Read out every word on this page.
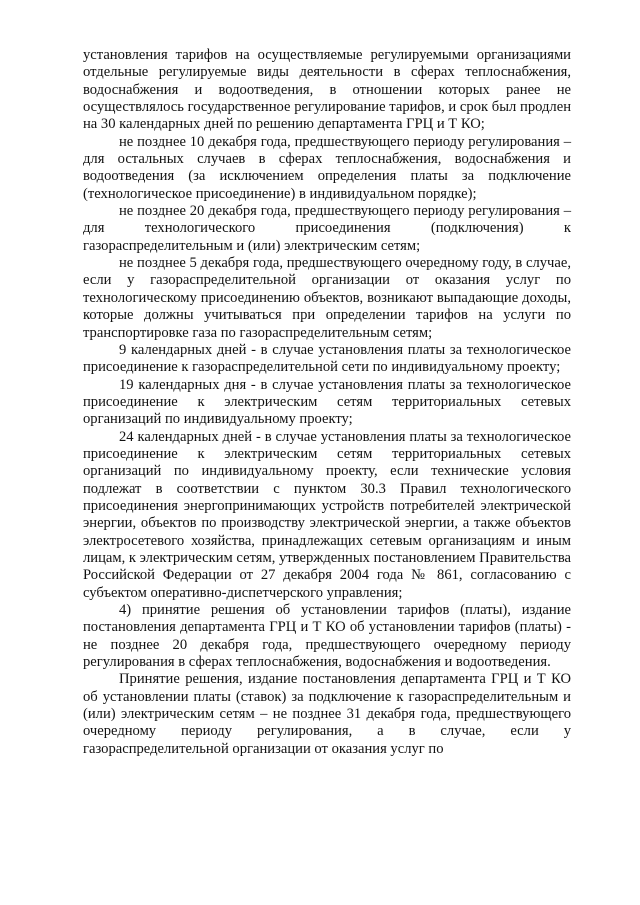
установления тарифов на осуществляемые регулируемыми организациями отдельные регулируемые виды деятельности в сферах теплоснабжения, водоснабжения и водоотведения, в отношении которых ранее не осуществлялось государственное регулирование тарифов, и срок был продлен на 30 календарных дней по решению департамента ГРЦ и Т КО;

не позднее 10 декабря года, предшествующего периоду регулирования – для остальных случаев в сферах теплоснабжения, водоснабжения и водоотведения (за исключением определения платы за подключение (технологическое присоединение) в индивидуальном порядке);

не позднее 20 декабря года, предшествующего периоду регулирования – для технологического присоединения (подключения) к газораспределительным и (или) электрическим сетям;

не позднее 5 декабря года, предшествующего очередному году, в случае, если у газораспределительной организации от оказания услуг по технологическому присоединению объектов, возникают выпадающие доходы, которые должны учитываться при определении тарифов на услуги по транспортировке газа по газораспределительным сетям;

9 календарных дней - в случае установления платы за технологическое присоединение к газораспределительной сети по индивидуальному проекту;

19 календарных дня - в случае установления платы за технологическое присоединение к электрическим сетям территориальных сетевых организаций по индивидуальному проекту;

24 календарных дней - в случае установления платы за технологическое присоединение к электрическим сетям территориальных сетевых организаций по индивидуальному проекту, если технические условия подлежат в соответствии с пунктом 30.3 Правил технологического присоединения энергопринимающих устройств потребителей электрической энергии, объектов по производству электрической энергии, а также объектов электросетевого хозяйства, принадлежащих сетевым организациям и иным лицам, к электрическим сетям, утвержденных постановлением Правительства Российской Федерации от 27 декабря 2004 года № 861, согласованию с субъектом оперативно-диспетчерского управления;

4) принятие решения об установлении тарифов (платы), издание постановления департамента ГРЦ и Т КО об установлении тарифов (платы) - не позднее 20 декабря года, предшествующего очередному периоду регулирования в сферах теплоснабжения, водоснабжения и водоотведения.

Принятие решения, издание постановления департамента ГРЦ и Т КО об установлении платы (ставок) за подключение к газораспределительным и (или) электрическим сетям – не позднее 31 декабря года, предшествующего очередному периоду регулирования, а в случае, если у газораспределительной организации от оказания услуг по
